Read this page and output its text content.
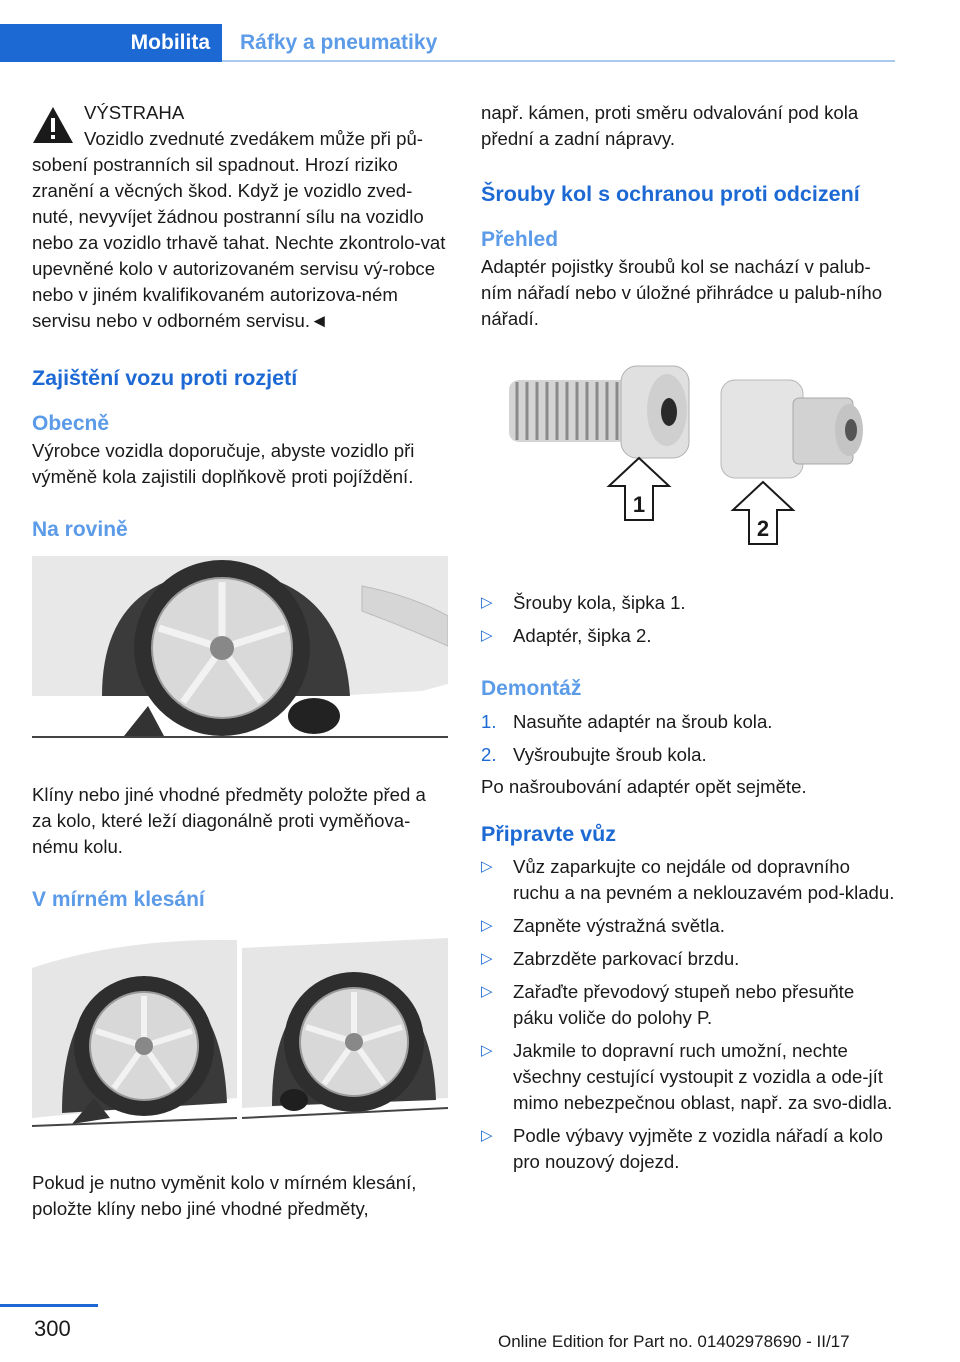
Mobilita Ráfky a pneumatiky
VÝSTRAHA
Vozidlo zvednuté zvedákem může při pů‐
sobení postranních sil spadnout. Hrozí riziko zranění a věcných škod. Když je vozidlo zved‐nuté, nevyvíjet žádnou postranní sílu na vozidlo nebo za vozidlo trhavě tahat. Nechte zkontrolo‐vat upevněné kolo v autorizovaném servisu vý‐robce nebo v jiném kvalifikovaném autorizova‐ném servisu nebo v odborném servisu.◄
Zajištění vozu proti rozjetí
Obecně

Výrobce vozidla doporučuje, abyste vozidlo při výměně kola zajistili doplňkově proti pojíždění.

Na rovině

Klíny nebo jiné vhodné předměty položte před a za kolo, které leží diagonálně proti vyměňova‐nému kolu.

V mírném klesání

Pokud je nutno vyměnit kolo v mírném klesání, položte klíny nebo jiné vhodné předměty,

např. kámen, proti směru odvalování pod kola přední a zadní nápravy.

Šrouby kol s ochranou proti odcizení
Přehled

Adaptér pojistky šroubů kol se nachází v palub‐ním nářadí nebo v úložné přihrádce u palub‐ního nářadí.

1
2
▷ Šrouby kola, šipka 1.
▷ Adaptér, šipka 2.
Demontáž
1. Nasuňte adaptér na šroub kola.
2. Vyšroubujte šroub kola.

Po našroubování adaptér opět sejměte.

Připravte vůz
▷ Vůz zaparkujte co nejdále od dopravního ruchu a na pevném a neklouzavém pod‐kladu.
▷ Zapněte výstražná světla.
▷ Zabrzděte parkovací brzdu.
▷ Zařaďte převodový stupeň nebo přesuňte páku voliče do polohy P.
▷ Jakmile to dopravní ruch umožní, nechte všechny cestující vystoupit z vozidla a ode‐jít mimo nebezpečnou oblast, např. za svo‐didla.
▷ Podle výbavy vyjměte z vozidla nářadí a kolo pro nouzový dojezd.
300
Online Edition for Part no. 01402978690 - II/17
